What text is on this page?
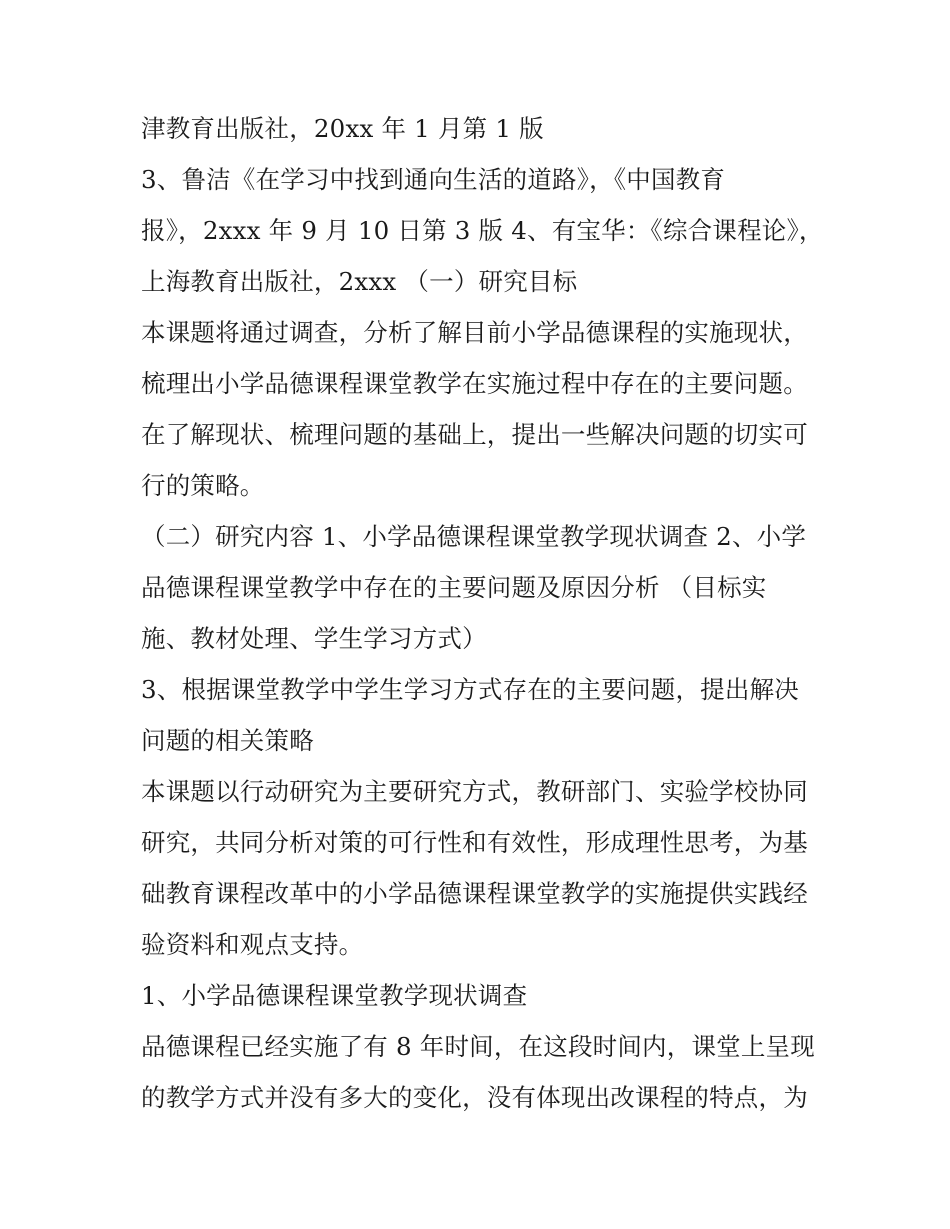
津教育出版社，20xx 年 1 月第 1 版
3、鲁洁《在学习中找到通向生活的道路》，《中国教育
报》，2xxx 年 9 月 10 日第 3 版 4、有宝华：《综合课程论》，
上海教育出版社，2xxx （一）研究目标
本课题将通过调查，分析了解目前小学品德课程的实施现状，
梳理出小学品德课程课堂教学在实施过程中存在的主要问题。
在了解现状、梳理问题的基础上，提出一些解决问题的切实可
行的策略。
（二）研究内容 1、小学品德课程课堂教学现状调查 2、小学
品德课程课堂教学中存在的主要问题及原因分析 （目标实
施、教材处理、学生学习方式）
3、根据课堂教学中学生学习方式存在的主要问题，提出解决
问题的相关策略
本课题以行动研究为主要研究方式，教研部门、实验学校协同
研究，共同分析对策的可行性和有效性，形成理性思考，为基
础教育课程改革中的小学品德课程课堂教学的实施提供实践经
验资料和观点支持。
1、小学品德课程课堂教学现状调查
品德课程已经实施了有 8 年时间，在这段时间内，课堂上呈现
的教学方式并没有多大的变化，没有体现出改课程的特点，为
